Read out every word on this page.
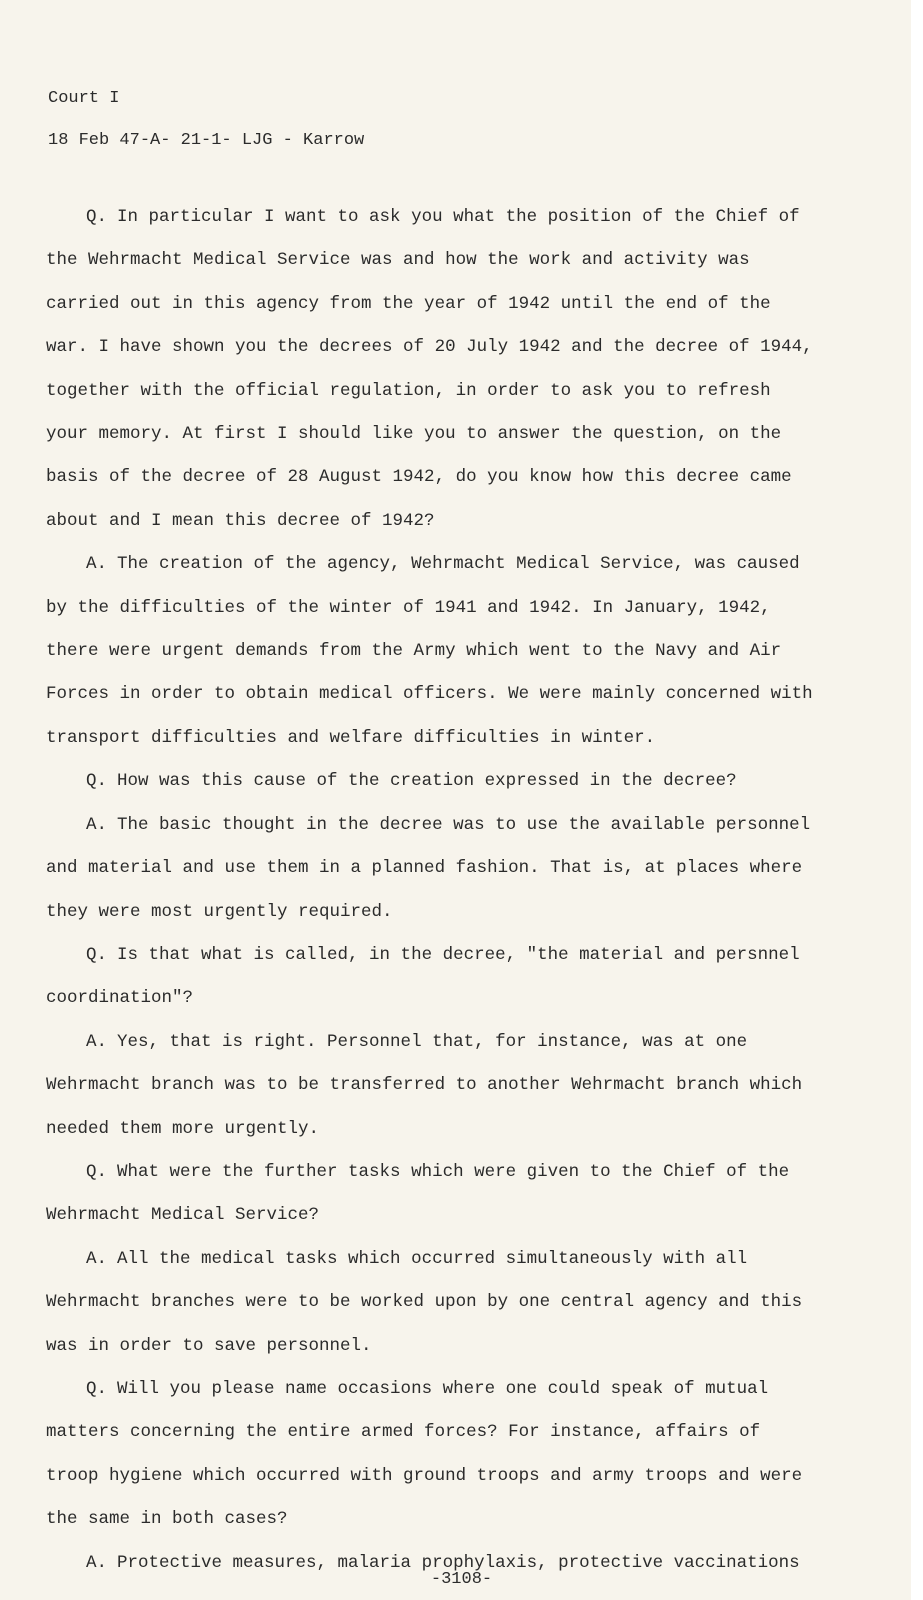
Court I
18 Feb 47-A- 21-1- LJG - Karrow

Q. In particular I want to ask you what the position of the Chief of the Wehrmacht Medical Service was and how the work and activity was carried out in this agency from the year of 1942 until the end of the war. I have shown you the decrees of 20 July 1942 and the decree of 1944, together with the official regulation, in order to ask you to refresh your memory. At first I should like you to answer the question, on the basis of the decree of 28 August 1942, do you know how this decree came about and I mean this decree of 1942?

A. The creation of the agency, Wehrmacht Medical Service, was caused by the difficulties of the winter of 1941 and 1942. In January, 1942, there were urgent demands from the Army which went to the Navy and Air Forces in order to obtain medical officers. We were mainly concerned with transport difficulties and welfare difficulties in winter.

Q. How was this cause of the creation expressed in the decree?

A. The basic thought in the decree was to use the available personnel and material and use them in a planned fashion. That is, at places where they were most urgently required.

Q. Is that what is called, in the decree, "the material and persnnel coordination"?

A. Yes, that is right. Personnel that, for instance, was at one Wehrmacht branch was to be transferred to another Wehrmacht branch which needed them more urgently.

Q. What were the further tasks which were given to the Chief of the Wehrmacht Medical Service?

A. All the medical tasks which occurred simultaneously with all Wehrmacht branches were to be worked upon by one central agency and this was in order to save personnel.

Q. Will you please name occasions where one could speak of mutual matters concerning the entire armed forces? For instance, affairs of troop hygiene which occurred with ground troops and army troops and were the same in both cases?

A. Protective measures, malaria prophylaxis, protective vaccinations

-3108-
